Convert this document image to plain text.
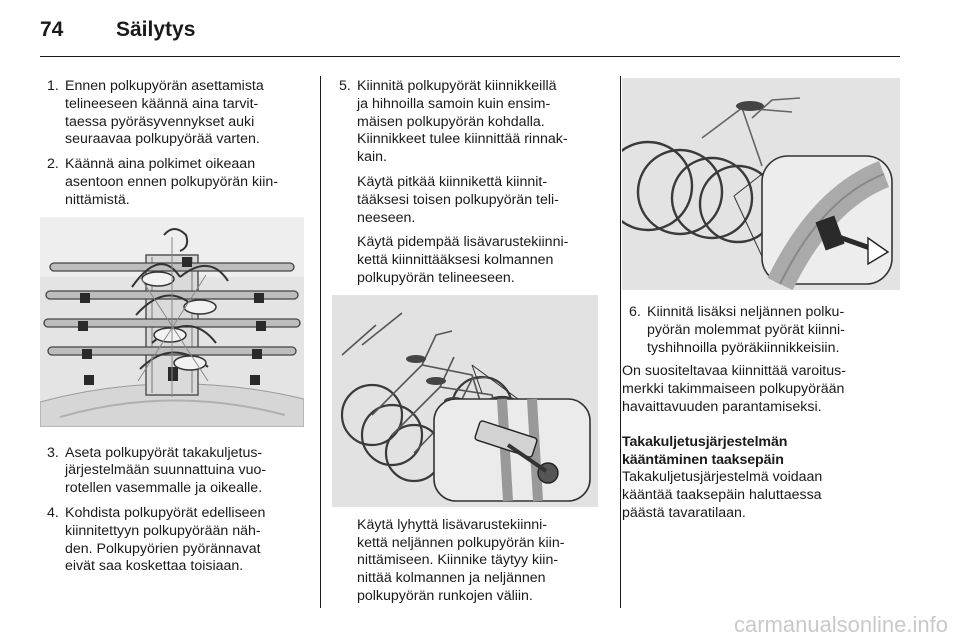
74	Säilytys
1. Ennen polkupyörän asettamista
telineeseen käännä aina tarvit-
taessa pyöräsyvennykset auki
seuraavaa polkupyörää varten.
2. Käännä aina polkimet oikeaan
asentoon ennen polkupyörän kiin-
nittämistä.
3. Aseta polkupyörät takakuljetus-
järjestelmään suunnattuina vuo-
rotellen vasemmalle ja oikealle.
4. Kohdista polkupyörät edelliseen
kiinnitettyyn polkupyörään näh-
den. Polkupyörien pyörännavat
eivät saa koskettaa toisiaan.
5. Kiinnitä polkupyörät kiinnikkeillä
ja hihnoilla samoin kuin ensim-
mäisen polkupyörän kohdalla.
Kiinnikkeet tulee kiinnittää rinnak-
kain.

Käytä pitkää kiinnikettä kiinnit-
tääksesi toisen polkupyörän teli-
neeseen.

Käytä pidempää lisävarustekiinni-
kettä kiinnittääksesi kolmannen
polkupyörän telineeseen.

Käytä lyhyttä lisävarustekiinni-
kettä neljännen polkupyörän kiin-
nittämiseen. Kiinnike täytyy kiin-
nittää kolmannen ja neljännen
polkupyörän runkojen väliin.

6. Kiinnitä lisäksi neljännen polku-
pyörän molemmat pyörät kiinni-
tyshihnoilla pyöräkiinnikkeisiin.

On suositeltavaa kiinnittää varoitus-
merkki takimmaiseen polkupyörään
havaittavuuden parantamiseksi.

Takakuljetusjärjestelmän
kääntäminen taaksepäin

Takakuljetusjärjestelmä voidaan
kääntää taaksepäin haluttaessa
päästä tavaratilaan.

carmanualsonline.info
